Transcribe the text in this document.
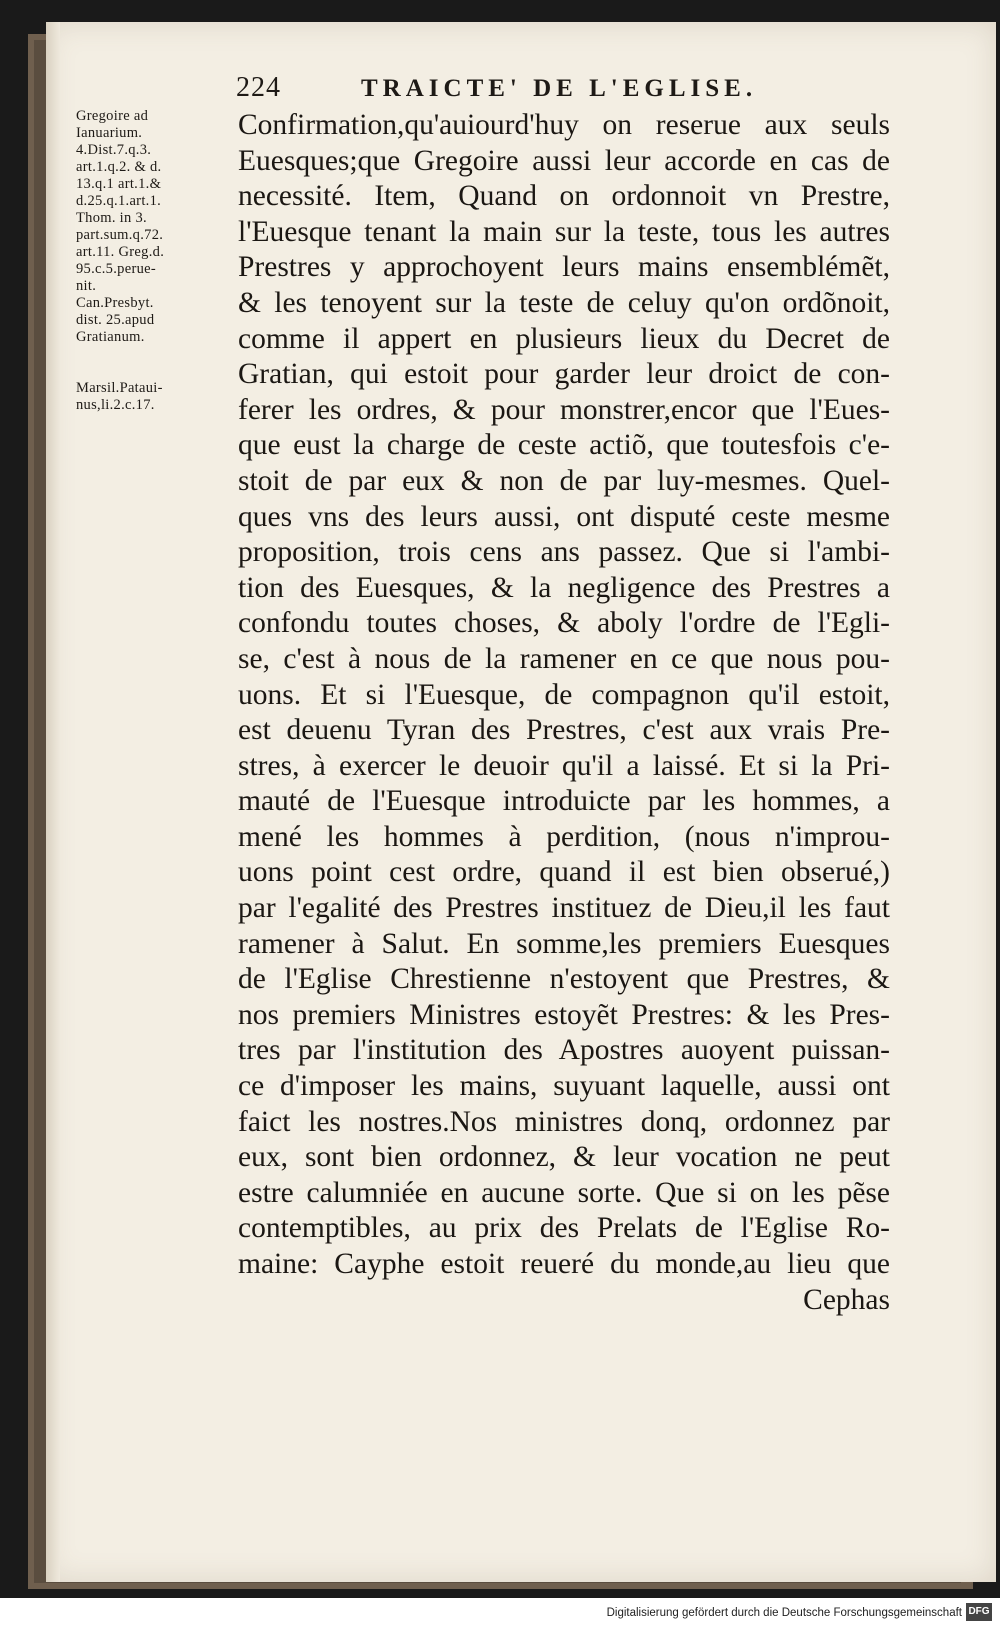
224	TRAICTE' DE L'EGLISE.
Gregoire ad
Ianuarium.
4.Dist.7.q.3.
art.1.q.2. & d.
13.q.1 art.1.&
d.25.q.1.art.1.
Thom. in 3.
part.sum.q.72.
art.11. Greg.d.
95.c.5.perue-
nit.
Can.Presbyt.
dist. 25.apud
Gratianum.
Marsil.Pataui-
nus,li.2.c.17.
Confirmation,qu'auiourd'huy on reserue aux seuls
Euesques;que Gregoire aussi leur accorde en cas de
necessité. Item, Quand on ordonnoit vn Prestre,
l'Euesque tenant la main sur la teste, tous les autres
Prestres y approchoyent leurs mains ensemblémẽt,
& les tenoyent sur la teste de celuy qu'on ordõnoit,
comme il appert en plusieurs lieux du Decret de
Gratian, qui estoit pour garder leur droict de con-
ferer les ordres, & pour monstrer,encor que l'Eues-
que eust la charge de ceste actiõ, que toutesfois c'e-
stoit de par eux & non de par luy-mesmes. Quel-
ques vns des leurs aussi, ont disputé ceste mesme
proposition, trois cens ans passez. Que si l'ambi-
tion des Euesques, & la negligence des Prestres a
confondu toutes choses, & aboly l'ordre de l'Egli-
se, c'est à nous de la ramener en ce que nous pou-
uons. Et si l'Euesque, de compagnon qu'il estoit,
est deuenu Tyran des Prestres, c'est aux vrais Pre-
stres, à exercer le deuoir qu'il a laissé. Et si la Pri-
mauté de l'Euesque introduicte par les hommes, a
mené les hommes à perdition, (nous n'improu-
uons point cest ordre, quand il est bien obserué,)
par l'egalité des Prestres instituez de Dieu,il les faut
ramener à Salut. En somme,les premiers Euesques
de l'Eglise Chrestienne n'estoyent que Prestres, &
nos premiers Ministres estoyẽt Prestres: & les Pres-
tres par l'institution des Apostres auoyent puissan-
ce d'imposer les mains, suyuant laquelle, aussi ont
faict les nostres.Nos ministres donq, ordonnez par
eux, sont bien ordonnez, & leur vocation ne peut
estre calumniée en aucune sorte. Que si on les pẽse
contemptibles, au prix des Prelats de l'Eglise Ro-
maine: Cayphe estoit reueré du monde,au lieu que
Cephas
Digitalisierung gefördert durch die Deutsche Forschungsgemeinschaft DFG
